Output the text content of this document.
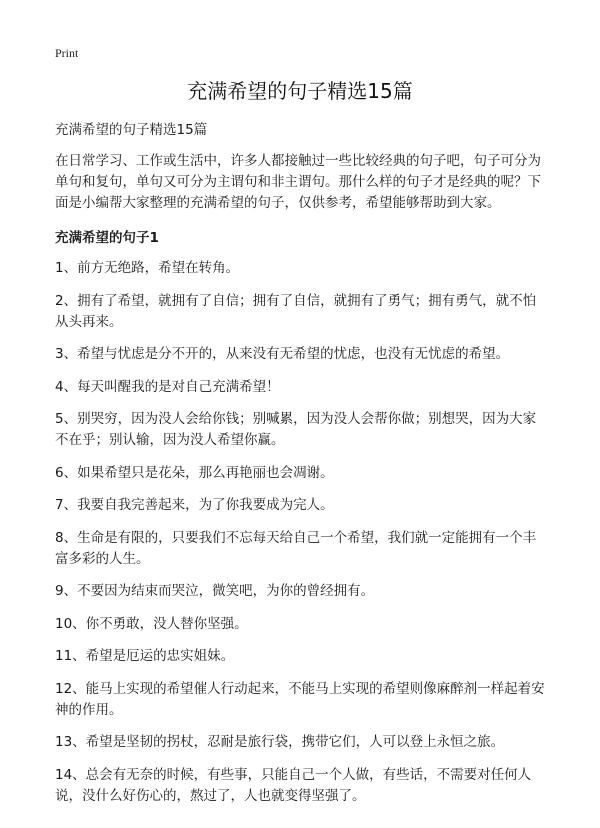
Print
充满希望的句子精选15篇

充满希望的句子精选15篇

在日常学习、工作或生活中，许多人都接触过一些比较经典的句子吧，句子可分为单句和复句，单句又可分为主谓句和非主谓句。那什么样的句子才是经典的呢？下面是小编帮大家整理的充满希望的句子，仅供参考，希望能够帮助到大家。

充满希望的句子1

1、前方无绝路，希望在转角。

2、拥有了希望，就拥有了自信；拥有了自信，就拥有了勇气；拥有勇气，就不怕从头再来。

3、希望与忧虑是分不开的，从来没有无希望的忧虑，也没有无忧虑的希望。

4、每天叫醒我的是对自己充满希望！

5、别哭穷，因为没人会给你钱；别喊累，因为没人会帮你做；别想哭，因为大家不在乎；别认输，因为没人希望你赢。

6、如果希望只是花朵，那么再艳丽也会凋谢。

7、我要自我完善起来，为了你我要成为完人。

8、生命是有限的，只要我们不忘每天给自己一个希望，我们就一定能拥有一个丰富多彩的人生。

9、不要因为结束而哭泣，微笑吧，为你的曾经拥有。

10、你不勇敢，没人替你坚强。

11、希望是厄运的忠实姐妹。

12、能马上实现的希望催人行动起来，不能马上实现的希望则像麻醉剂一样起着安神的作用。

13、希望是坚韧的拐杖，忍耐是旅行袋，携带它们，人可以登上永恒之旅。

14、总会有无奈的时候，有些事，只能自己一个人做，有些话，不需要对任何人说，没什么好伤心的，熬过了，人也就变得坚强了。
